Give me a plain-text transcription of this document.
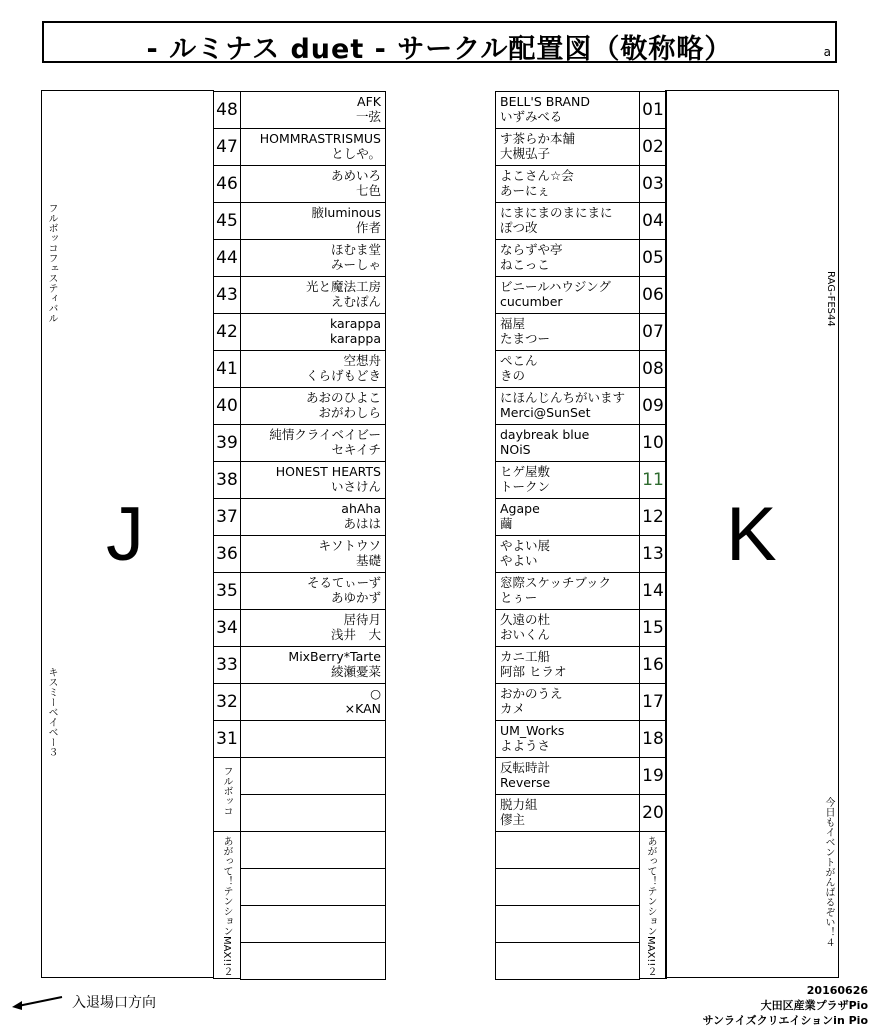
- ルミナス duet - サークル配置図（敬称略）	a
フルボッコフェスティバル
キスミーベイベー３
J
48	AFK
一弦
47	HOMMRASTRISMUS
としや。
46	あめいろ
七色
45	腋luminous
作者
44	ほむま堂
みーしゃ
43	光と魔法工房
えむぽん
42	karappa
karappa
41	空想舟
くらげもどき
40	あおのひよこ
おがわしら
39	純情クライベイビー
セキイチ
38	HONEST HEARTS
いさけん
37	ahAha
あはは
36	キソトウソ
基礎
35	そるてぃーず
あゆかず
34	居待月
浅井　大
33	MixBerry*Tarte
綾瀬憂菜
32	○
×KAN
31
フルボッコ
あがって！テンションMAX!!２
RAG-FES44
今日もイベントがんばるぞい！４
K
01
BELL'S BRAND
いずみべる
02
す茶らか本舗
大槻弘子
03
よこさん☆会
あーにぇ
04
にまにまのまにまに
ぽつ改
05
ならずや亭
ねこっこ
06
ビニールハウジング
cucumber
07
福屋
たまつー
08
ぺこん
きの
09
にほんじんちがいます
Merci@SunSet
10
daybreak blue
NOiS
11
ヒゲ屋敷
トークン
12
Agape
繭
13
やよい展
やよい
14
窓際スケッチブック
とぅー
15
久遠の杜
おいくん
16
カニ工船
阿部 ヒラオ
17
おかのうえ
カメ
18
UM_Works
よようさ
19
反転時計
Reverse
20
脱力組
僇主
あがって！テンションMAX!!２
20160626
大田区産業プラザPio
サンライズクリエイションin Pio
入退場口方向
